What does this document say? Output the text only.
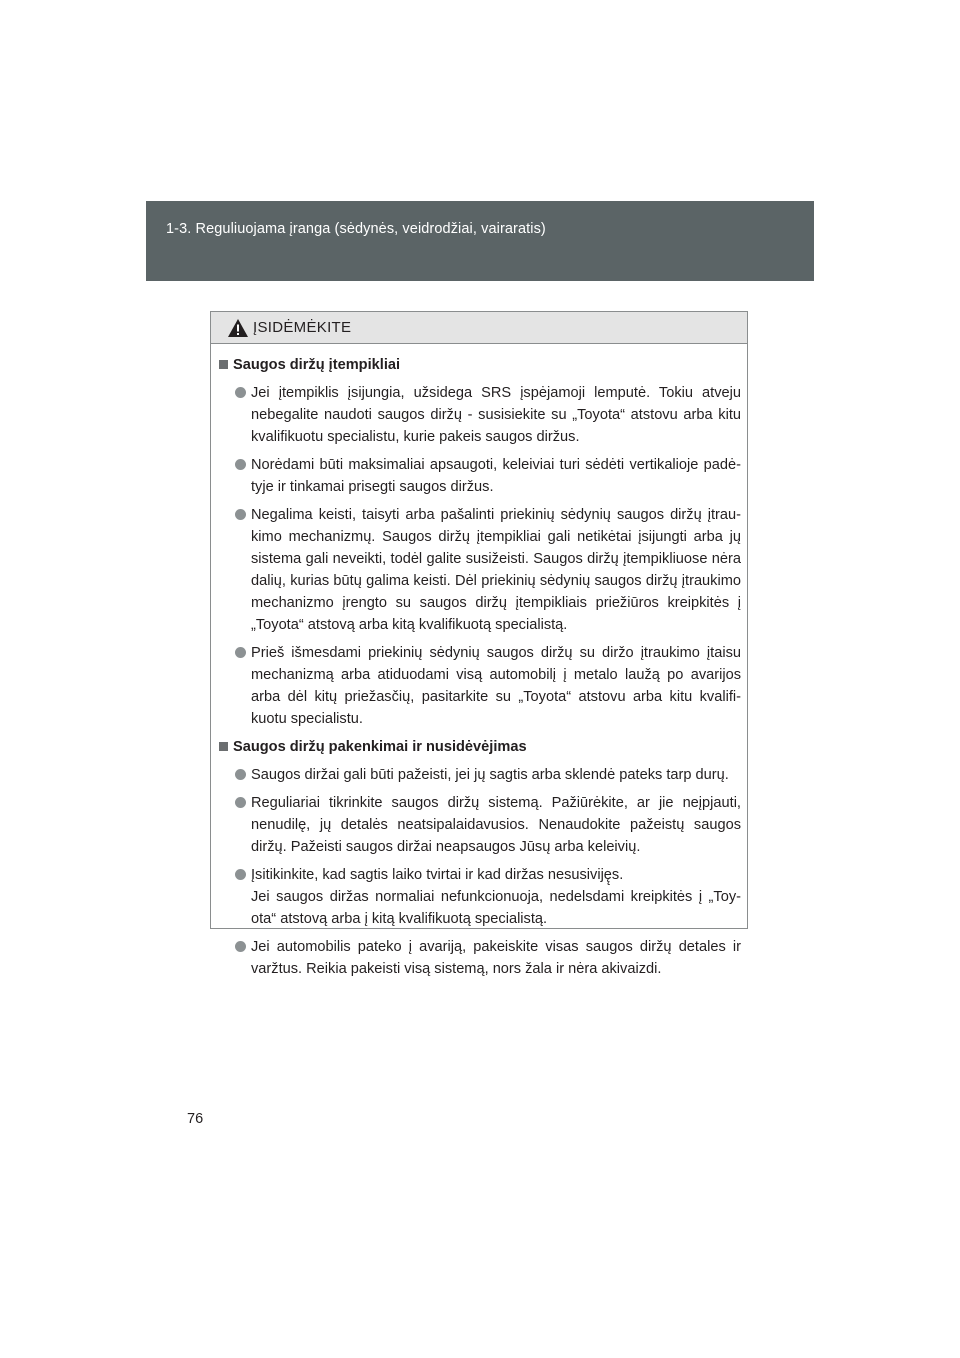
1-3. Reguliuojama įranga (sėdynės, veidrodžiai, vairaratis)
ĮSIDĖMĖKITE
Saugos diržų įtempikliai

Jei įtempiklis įsijungia, užsidega SRS įspėjamoji lemputė. Tokiu atveju nebegalite naudoti saugos diržų - susisiekite su „Toyota“ atstovu arba kitu kvalifikuotu specialistu, kurie pakeis saugos diržus.

Norėdami būti maksimaliai apsaugoti, keleiviai turi sėdėti vertikalioje padė-tyje ir tinkamai prisegti saugos diržus.

Negalima keisti, taisyti arba pašalinti priekinių sėdynių saugos diržų įtrau-kimo mechanizmų. Saugos diržų įtempikliai gali netikėtai įsijungti arba jų sistema gali neveikti, todėl galite susižeisti. Saugos diržų įtempikliuose nėra dalių, kurias būtų galima keisti. Dėl priekinių sėdynių saugos diržų įtraukimo mechanizmo įrengto su saugos diržų įtempikliais priežiūros kreipkitės į „Toyota“ atstovą arba kitą kvalifikuotą specialistą.

Prieš išmesdami priekinių sėdynių saugos diržų su diržo įtraukimo įtaisu mechanizmą arba atiduodami visą automobilį į metalo laužą po avarijos arba dėl kitų priežasčių, pasitarkite su „Toyota“ atstovu arba kitu kvalifi-kuotu specialistu.

Saugos diržų pakenkimai ir nusidėvėjimas

Saugos diržai gali būti pažeisti, jei jų sagtis arba sklendė pateks tarp durų.

Reguliariai tikrinkite saugos diržų sistemą. Pažiūrėkite, ar jie neįpjauti, nenudilę, jų detalės neatsipalaidavusios. Nenaudokite pažeistų saugos diržų. Pažeisti saugos diržai neapsaugos Jūsų arba keleivių.

Įsitikinkite, kad sagtis laiko tvirtai ir kad diržas nesusiviję̨s.

Jei saugos diržas normaliai nefunkcionuoja, nedelsdami kreipkitės į „Toy-ota“ atstovą arba į kitą kvalifikuotą specialistą.

Jei automobilis pateko į avariją, pakeiskite visas saugos diržų detales ir varžtus. Reikia pakeisti visą sistemą, nors žala ir nėra akivaizdi.

76
